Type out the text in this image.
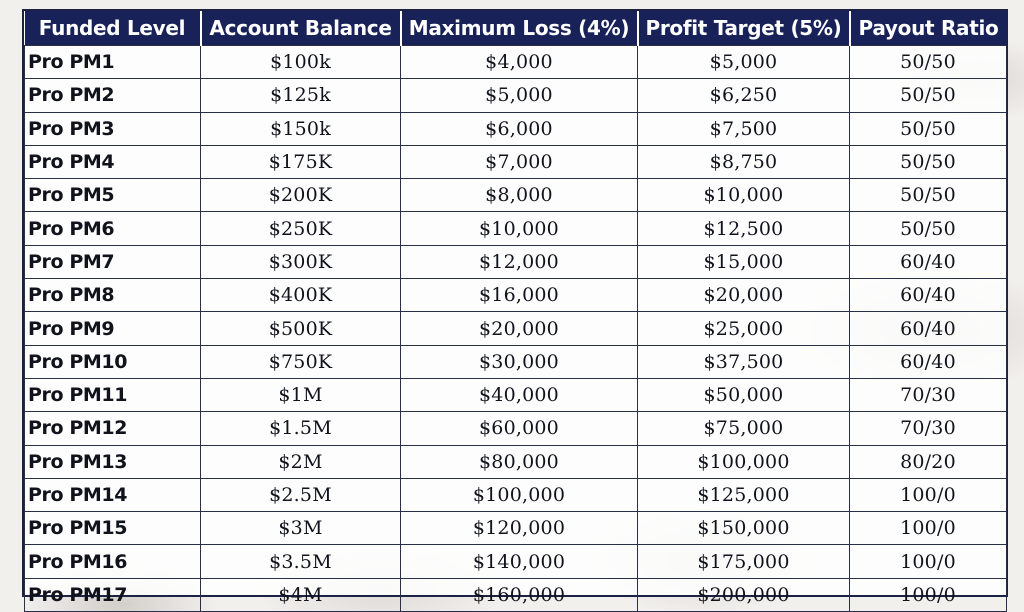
Funded Level	Account Balance	Maximum Loss (4%)	Profit Target (5%)	Payout Ratio
Pro PM1	$100k	$4,000	$5,000	50/50
Pro PM2	$125k	$5,000	$6,250	50/50
Pro PM3	$150k	$6,000	$7,500	50/50
Pro PM4	$175K	$7,000	$8,750	50/50
Pro PM5	$200K	$8,000	$10,000	50/50
Pro PM6	$250K	$10,000	$12,500	50/50
Pro PM7	$300K	$12,000	$15,000	60/40
Pro PM8	$400K	$16,000	$20,000	60/40
Pro PM9	$500K	$20,000	$25,000	60/40
Pro PM10	$750K	$30,000	$37,500	60/40
Pro PM11	$1M	$40,000	$50,000	70/30
Pro PM12	$1.5M	$60,000	$75,000	70/30
Pro PM13	$2M	$80,000	$100,000	80/20
Pro PM14	$2.5M	$100,000	$125,000	100/0
Pro PM15	$3M	$120,000	$150,000	100/0
Pro PM16	$3.5M	$140,000	$175,000	100/0
Pro PM17	$4M	$160,000	$200,000	100/0
